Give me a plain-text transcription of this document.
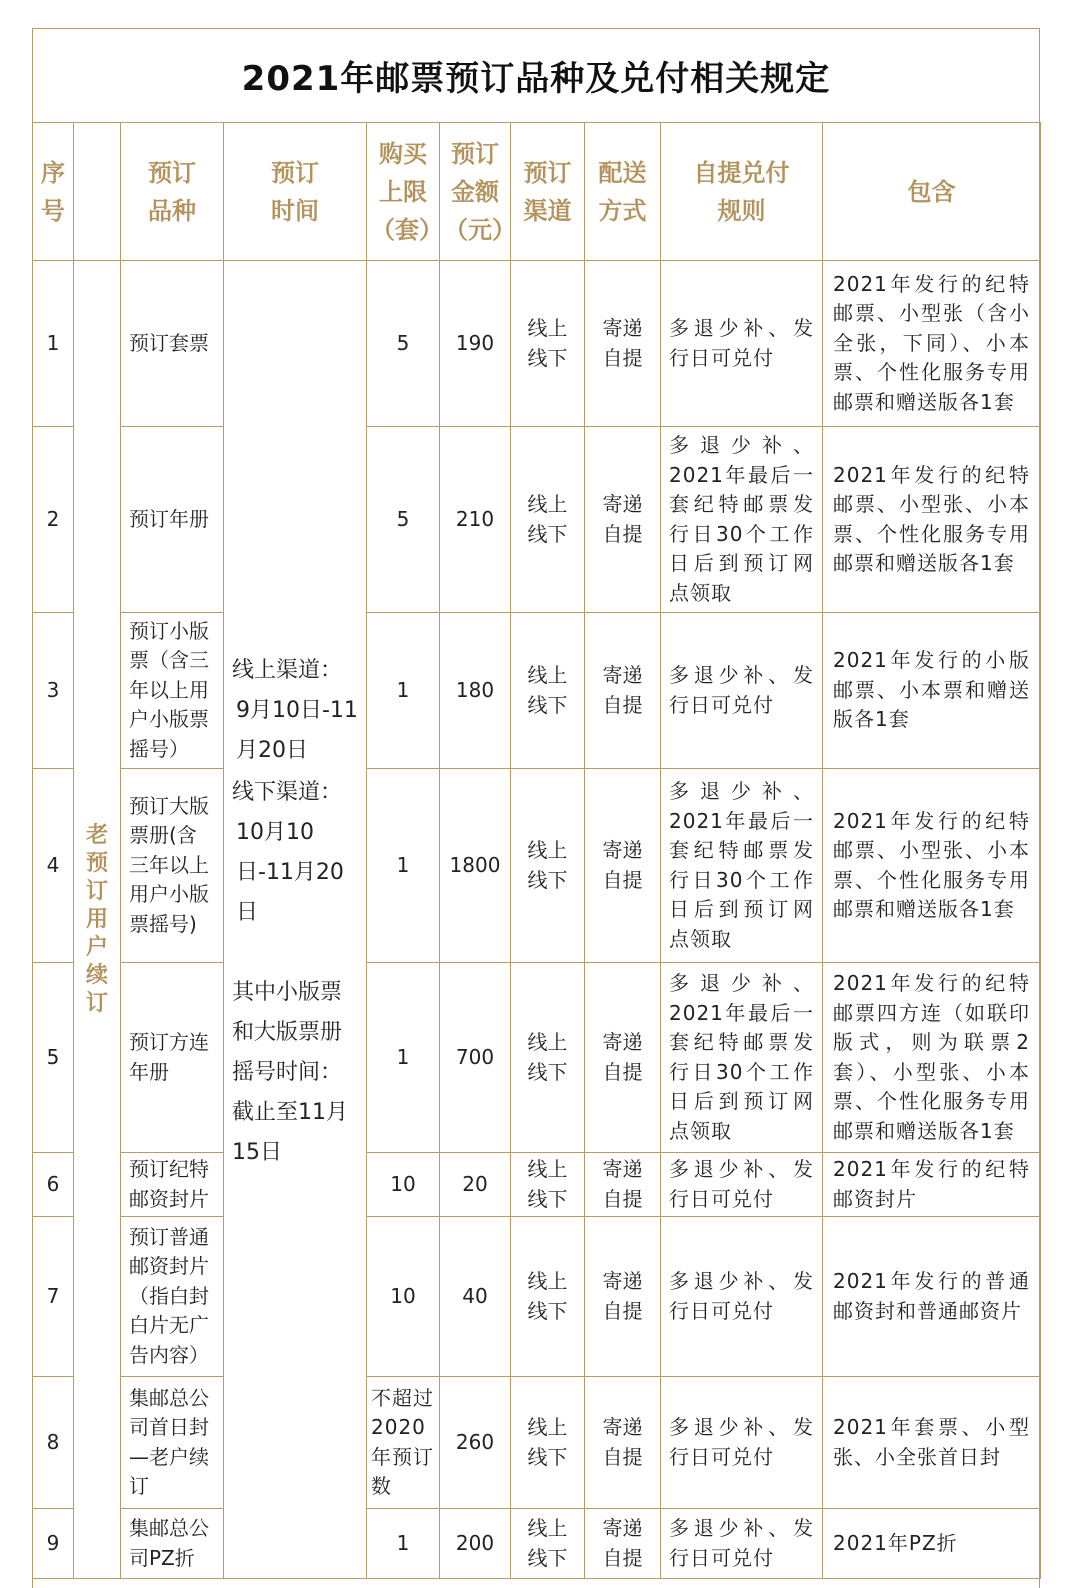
2021年邮票预订品种及兑付相关规定
序号		预订品种	预订时间	购买上限（套）	预订金额（元）	预订渠道	配送方式	自提兑付规则	包含
1	老预订用户续订	预订套票	线上渠道：
9月10日-11月20日
线下渠道：
10月10日-11月20日
其中小版票和大版票册摇号时间：截止至11月15日	5	190	线上线下	寄递自提	多退少补、发行日可兑付	2021年发行的纪特邮票、小型张（含小全张，下同）、小本票、个性化服务专用邮票和赠送版各1套
2		预订年册		5	210	线上线下	寄递自提	多退少补、2021年最后一套纪特邮票发行日30个工作日后到预订网点领取	2021年发行的纪特邮票、小型张、小本票、个性化服务专用邮票和赠送版各1套
3		预订小版票（含三年以上用户小版票摇号）		1	180	线上线下	寄递自提	多退少补、发行日可兑付	2021年发行的小版邮票、小本票和赠送版各1套
4		预订大版票册(含三年以上用户小版票摇号)		1	1800	线上线下	寄递自提	多退少补、2021年最后一套纪特邮票发行日30个工作日后到预订网点领取	2021年发行的纪特邮票、小型张、小本票、个性化服务专用邮票和赠送版各1套
5		预订方连年册		1	700	线上线下	寄递自提	多退少补、2021年最后一套纪特邮票发行日30个工作日后到预订网点领取	2021年发行的纪特邮票四方连（如联印版式，则为联票2套）、小型张、小本票、个性化服务专用邮票和赠送版各1套
6		预订纪特邮资封片		10	20	线上线下	寄递自提	多退少补、发行日可兑付	2021年发行的纪特邮资封片
7		预订普通邮资封片（指白封白片无广告内容）		10	40	线上线下	寄递自提	多退少补、发行日可兑付	2021年发行的普通邮资封和普通邮资片
8		集邮总公司首日封—老户续订		不超过2020年预订数	260	线上线下	寄递自提	多退少补、发行日可兑付	2021年套票、小型张、小全张首日封
9		集邮总公司PZ折		1	200	线上线下	寄递自提	多退少补、发行日可兑付	2021年PZ折
